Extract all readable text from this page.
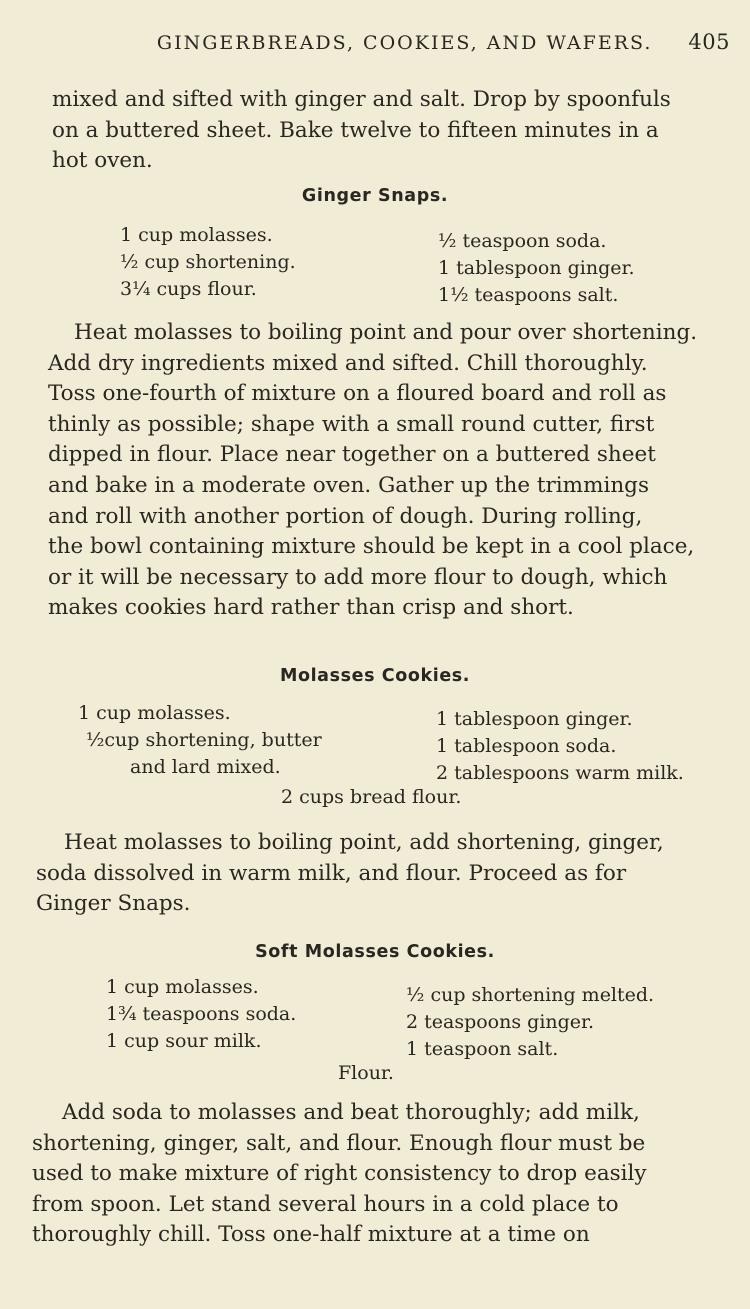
GINGERBREADS, COOKIES, AND WAFERS. 405
mixed and sifted with ginger and salt. Drop by spoonfuls
on a buttered sheet. Bake twelve to fifteen minutes in a
hot oven.
Ginger Snaps.
1 cup molasses.
½ cup shortening.
3¼ cups flour.
½ teaspoon soda.
1 tablespoon ginger.
1½ teaspoons salt.
Heat molasses to boiling point and pour over shortening.
Add dry ingredients mixed and sifted. Chill thoroughly.
Toss one-fourth of mixture on a floured board and roll as
thinly as possible; shape with a small round cutter, first
dipped in flour. Place near together on a buttered sheet
and bake in a moderate oven. Gather up the trimmings
and roll with another portion of dough. During rolling,
the bowl containing mixture should be kept in a cool place,
or it will be necessary to add more flour to dough, which
makes cookies hard rather than crisp and short.
Molasses Cookies.
1 cup molasses.
½cup shortening, butter
and lard mixed.
1 tablespoon ginger.
1 tablespoon soda.
2 tablespoons warm milk.
2 cups bread flour.
Heat molasses to boiling point, add shortening, ginger,
soda dissolved in warm milk, and flour. Proceed as for
Ginger Snaps.
Soft Molasses Cookies.
1 cup molasses.
1¾ teaspoons soda.
1 cup sour milk.
½ cup shortening melted.
2 teaspoons ginger.
1 teaspoon salt.
Flour.
Add soda to molasses and beat thoroughly; add milk,
shortening, ginger, salt, and flour. Enough flour must be
used to make mixture of right consistency to drop easily
from spoon. Let stand several hours in a cold place to
thoroughly chill. Toss one-half mixture at a time on
